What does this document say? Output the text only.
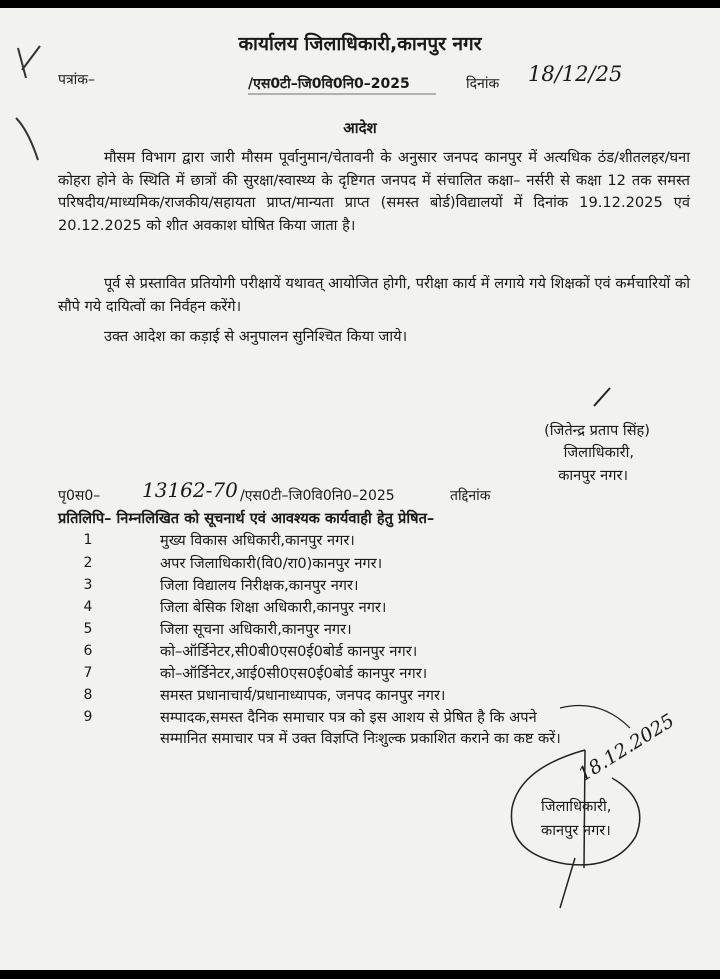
कार्यालय जिलाधिकारी,कानपुर नगर
पत्रांक–	/एस0टी–जि0वि0नि0–2025	दिनांक 18/12/25
आदेश
मौसम विभाग द्वारा जारी मौसम पूर्वानुमान/चेतावनी के अनुसार जनपद कानपुर में अत्यधिक ठंड/शीतलहर/घना कोहरा होने के स्थिति में छात्रों की सुरक्षा/स्वास्थ्य के दृष्टिगत जनपद में संचालित कक्षा– नर्सरी से कक्षा 12 तक समस्त परिषदीय/माध्यमिक/राजकीय/सहायता प्राप्त/मान्यता प्राप्त (समस्त बोर्ड)विद्यालयों में दिनांक 19.12.2025 एवं 20.12.2025 को शीत अवकाश घोषित किया जाता है।
पूर्व से प्रस्तावित प्रतियोगी परीक्षायें यथावत् आयोजित होगी, परीक्षा कार्य में लगाये गये शिक्षकों एवं कर्मचारियों को सौपे गये दायित्वों का निर्वहन करेंगे।
उक्त आदेश का कड़ाई से अनुपालन सुनिश्चित किया जाये।
(जितेन्द्र प्रताप सिंह)
जिलाधिकारी,
कानपुर नगर।
पृ0स0– 13162-70 /एस0टी–जि0वि0नि0–2025	तद्दिनांक
प्रतिलिपि– निम्नलिखित को सूचनार्थ एवं आवश्यक कार्यवाही हेतु प्रेषित–
1	मुख्य विकास अधिकारी,कानपुर नगर।
2	अपर जिलाधिकारी(वि0/रा0)कानपुर नगर।
3	जिला विद्यालय निरीक्षक,कानपुर नगर।
4	जिला बेसिक शिक्षा अधिकारी,कानपुर नगर।
5	जिला सूचना अधिकारी,कानपुर नगर।
6	को–ऑर्डिनेटर,सी0बी0एस0ई0बोर्ड कानपुर नगर।
7	को–ऑर्डिनेटर,आई0सी0एस0ई0बोर्ड कानपुर नगर।
8	समस्त प्रधानाचार्य/प्रधानाध्यापक, जनपद कानपुर नगर।
9	सम्पादक,समस्त दैनिक समाचार पत्र को इस आशय से प्रेषित है कि अपने
सम्मानित समाचार पत्र में उक्त विज्ञप्ति निःशुल्क प्रकाशित कराने का कष्ट करें। 18.12.2025
जिलाधिकारी,
कानपुर नगर।
